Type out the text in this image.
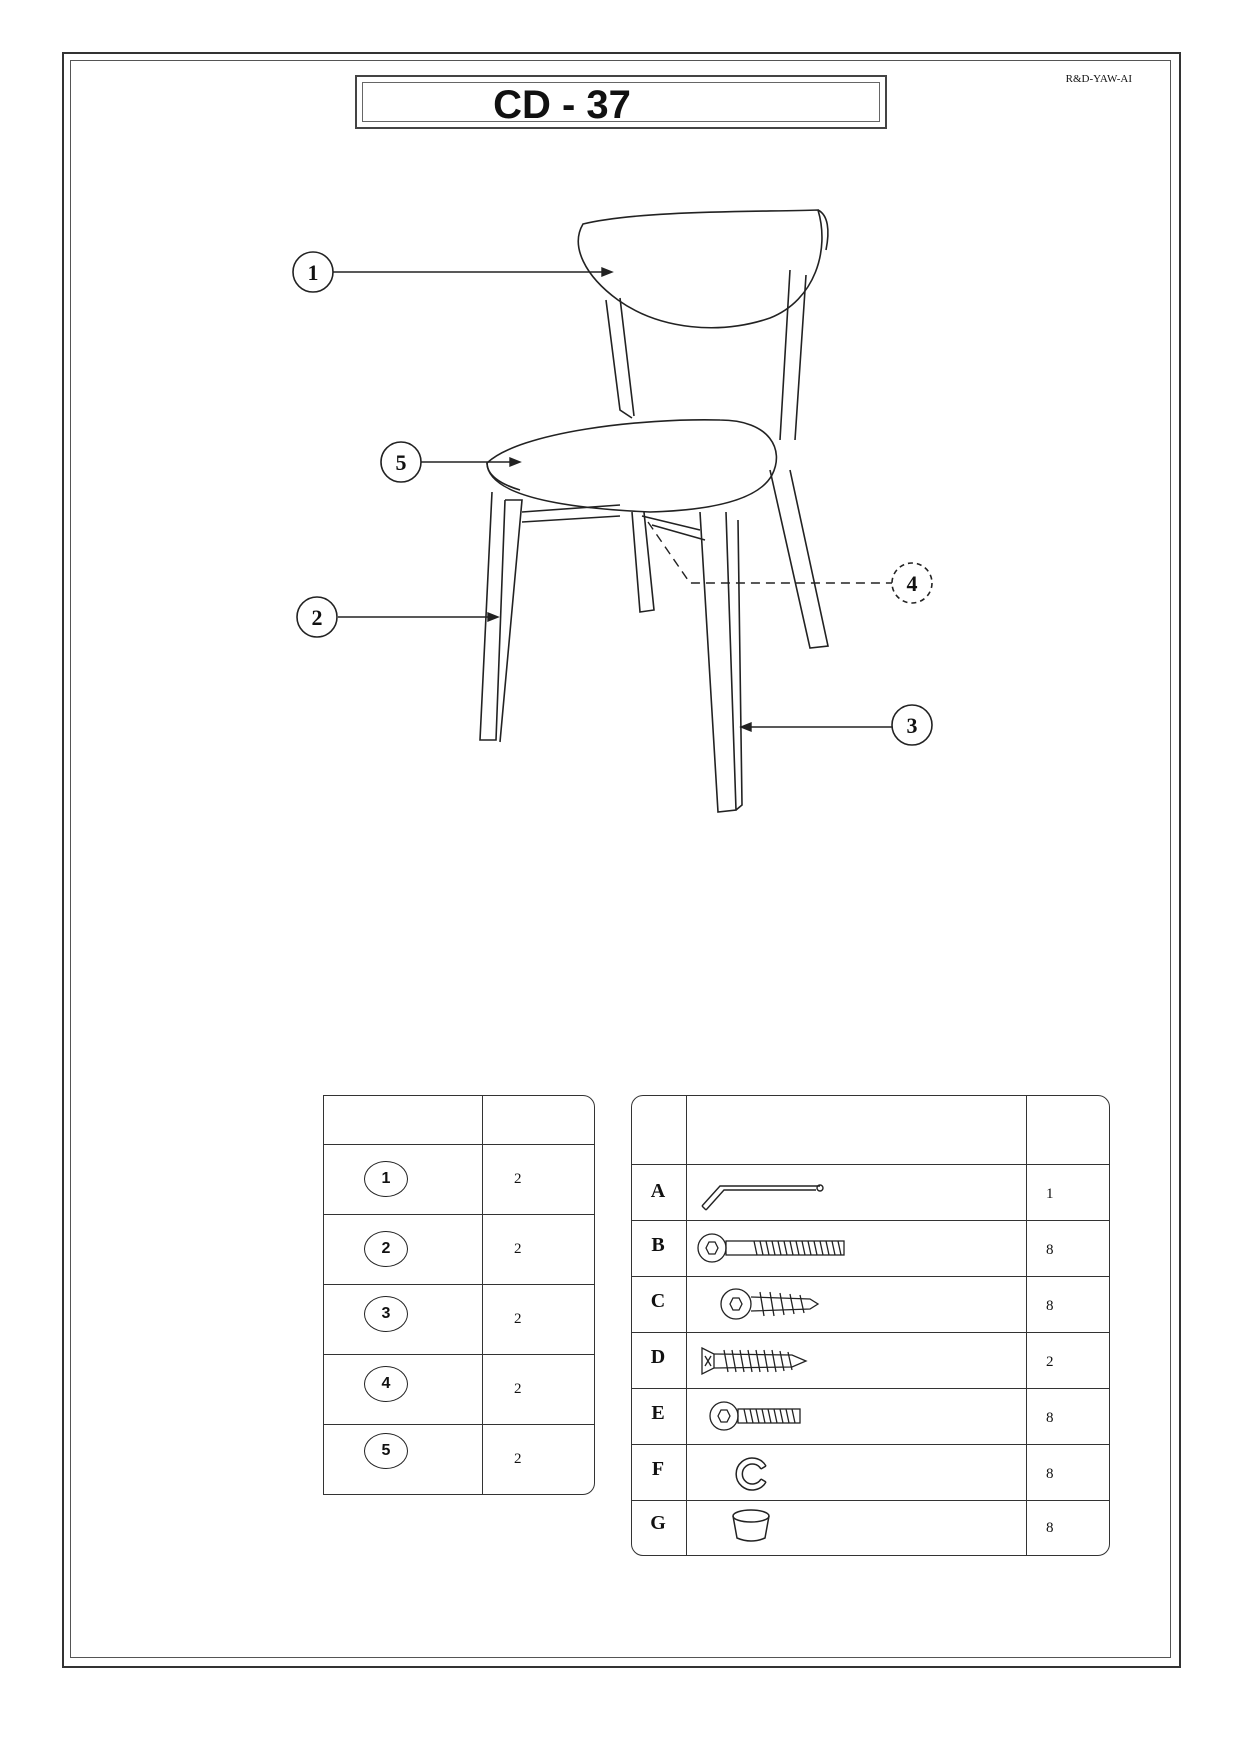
R&D-YAW-AI
CD - 37
1
5
2
4
3
1	2
2	2
3	2
4	2
5	2
A	1
B	8
C	8
D	2
E	8
F	8
G	8
